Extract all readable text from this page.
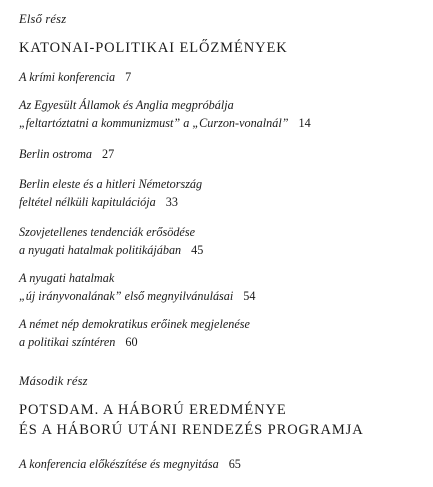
Első rész
KATONAI-POLITIKAI ELŐZMÉNYEK
A krími konferencia 7
Az Egyesült Államok és Anglia megpróbálja
„feltartóztatni a kommunizmust” a „Curzon-vonalnál” 14
Berlin ostroma 27
Berlin eleste és a hitleri Németország
feltétel nélküli kapitulációja 33
Szovjetellenes tendenciák erősödése
a nyugati hatalmak politikájában 45
A nyugati hatalmak
„új irányvonalának” első megnyilvánulásai 54
A német nép demokratikus erőinek megjelenése
a politikai színtéren 60
Második rész
POTSDAM. A HÁBORÚ EREDMÉNYE
ÉS A HÁBORÚ UTÁNI RENDEZÉS PROGRAMJA
A konferencia előkészítése és megnyitása 65
